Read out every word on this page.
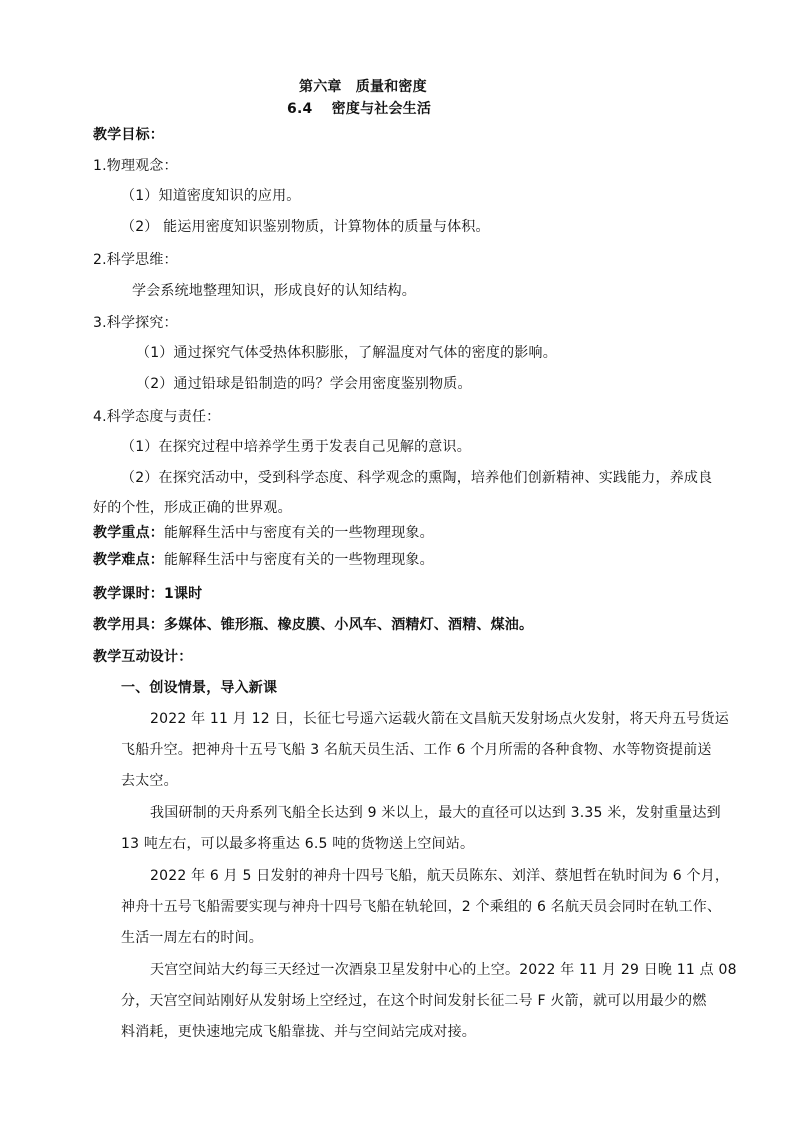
第六章　质量和密度
6.4　 密度与社会生活
教学目标：
1.物理观念：
（1）知道密度知识的应用。
（2） 能运用密度知识鉴别物质，计算物体的质量与体积。
2.科学思维：
学会系统地整理知识，形成良好的认知结构。
3.科学探究：
（1）通过探究气体受热体积膨胀，了解温度对气体的密度的影响。
（2）通过铅球是铅制造的吗？学会用密度鉴别物质。
4.科学态度与责任：
（1）在探究过程中培养学生勇于发表自己见解的意识。
（2）在探究活动中，受到科学态度、科学观念的熏陶，培养他们创新精神、实践能力，养成良
好的个性，形成正确的世界观。
教学重点：能解释生活中与密度有关的一些物理现象。
教学难点：能解释生活中与密度有关的一些物理现象。
教学课时：1课时
教学用具：多媒体、锥形瓶、橡皮膜、小风车、酒精灯、酒精、煤油。
教学互动设计：
一、创设情景，导入新课
2022 年 11 月 12 日，长征七号遥六运载火箭在文昌航天发射场点火发射，将天舟五号货运
飞船升空。把神舟十五号飞船 3 名航天员生活、工作 6 个月所需的各种食物、水等物资提前送
去太空。
我国研制的天舟系列飞船全长达到 9 米以上，最大的直径可以达到 3.35 米，发射重量达到
13 吨左右，可以最多将重达 6.5 吨的货物送上空间站。
2022 年 6 月 5 日发射的神舟十四号飞船，航天员陈东、刘洋、蔡旭哲在轨时间为 6 个月，
神舟十五号飞船需要实现与神舟十四号飞船在轨轮回，2 个乘组的 6 名航天员会同时在轨工作、
生活一周左右的时间。
天宫空间站大约每三天经过一次酒泉卫星发射中心的上空。2022 年 11 月 29 日晚 11 点 08
分，天宫空间站刚好从发射场上空经过，在这个时间发射长征二号 F 火箭，就可以用最少的燃
料消耗，更快速地完成飞船靠拢、并与空间站完成对接。
